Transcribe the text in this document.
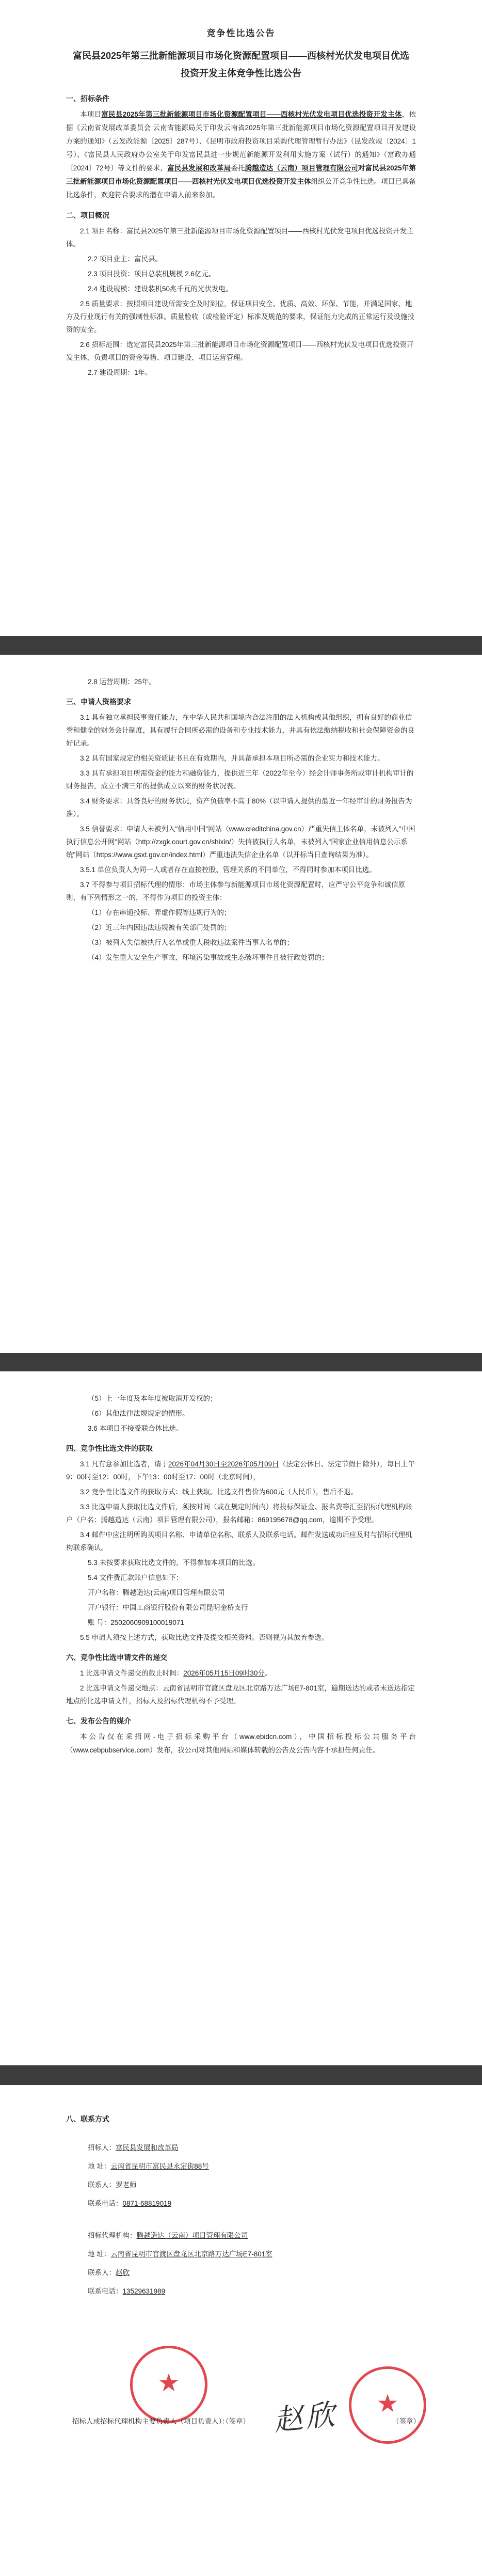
竞争性比选公告
富民县2025年第三批新能源项目市场化资源配置项目——西核村光伏发电项目优选投资开发主体竞争性比选公告
一、招标条件
本项目富民县2025年第三批新能源项目市场化资源配置项目——西核村光伏发电项目优选投资开发主体，依据《云南省发展改革委员会 云南省能源局关于印发云南省2025年第三批新能源项目市场化资源配置项目开发建设方案的通知》（云发改能源〔2025〕287号）、《昆明市政府投资项目采购代理管理暂行办法》（昆发改规〔2024〕1号）、《富民县人民政府办公室关于印发富民县进一步规范新能源开发利用实施方案（试行）的通知》（富政办通〔2024〕72号）等文件的要求，富民县发展和改革局委托腾越造达（云南）项目管理有限公司对富民县2025年第三批新能源项目市场化资源配置项目——西核村光伏发电项目优选投资开发主体组织公开竞争性比选。项目已具备比选条件，欢迎符合要求的潜在申请人前来参加。
二、项目概况
2.1 项目名称：富民县2025年第三批新能源项目市场化资源配置项目——西核村光伏发电项目优选投资开发主体。
2.2 项目业主：富民县。
2.3 项目投资：项目总装机规模 2.6亿元。
2.4 建设规模：建设装机50兆千瓦的光伏发电。
2.5 质量要求：按照项目建设所需安全及时到位，保证项目安全、优质、高效、环保、节能，并满足国家、地方及行业现行有关的强制性标准。质量验收（或检验评定）标准及规范的要求，保证能力完成的正常运行及设施投资的安全。
2.6 招标范围：选定富民县2025年第三批新能源项目市场化资源配置项目——西核村光伏发电项目优选投资开发主体，负责项目的资金筹措、项目建设、项目运营管理。
2.7 建设周期：1年。
2.8 运营周期：25年。
三、申请人资格要求
3.1 具有独立承担民事责任能力，在中华人民共和国境内合法注册的法人机构或其他组织，拥有良好的商业信誉和健全的财务会计制度，具有履行合同所必需的设备和专业技术能力，并具有依法缴纳税收和社会保障资金的良好记录。
3.2 具有国家规定的相关资质证书且在有效期内，并具备承担本项目所必需的企业实力和技术能力。
3.3 具有承担项目所需资金的能力和融资能力，提供近三年（2022年至今）经会计师事务所或审计机构审计的财务报告，成立不满三年的提供成立以来的财务状况表。
3.4 财务要求：具备良好的财务状况，资产负债率不高于80%（以申请人提供的最近一年经审计的财务报告为准）。
3.5 信誉要求：申请人未被列入"信用中国"网站（www.creditchina.gov.cn）严重失信主体名单，未被列入"中国执行信息公开网"网站（http://zxgk.court.gov.cn/shixin/）失信被执行人名单，未被列入"国家企业信用信息公示系统"网站（https://www.gsxt.gov.cn/index.html）严重违法失信企业名单（以开标当日查询结果为准）。
3.5.1 单位负责人为同一人或者存在直接控股、管理关系的不同单位，不得同时参加本项目比选。
3.7 不得参与项目招标代理的情形：市场主体参与新能源项目市场化资源配置时，应严守公平竞争和诚信原则，有下列情形之一的，不得作为项目的投资主体：
（1）存在串通投标、弄虚作假等违规行为的；
（2）近三年内因违法违规被有关部门处罚的；
（3）被列入失信被执行人名单或重大税收违法案件当事人名单的；
（4）发生重大安全生产事故、环境污染事故或生态破坏事件且被行政处罚的；
（5）上一年度及本年度被取消开发权的；
（6）其他法律法规规定的情形。
3.6 本项目不接受联合体比选。
四、竞争性比选文件的获取
3.1 凡有意参加比选者，请于2026年04月30日至2026年05月09日（法定公休日、法定节假日除外），每日上午9：00时至12：00时，下午13：00时至17：00时（北京时间），
3.2 竞争性比选文件的获取方式：线上获取。比选文件售价为600元（人民币），售后不退。
3.3 比选申请人获取比选文件后，须按时间（或在规定时间内）将投标保证金、报名费等汇至招标代理机构账户（户名：腾越造达（云南）项目管理有限公司），报名邮箱：869195678@qq.com，逾期不予受理。
3.4 邮件中应注明所购买项目名称、申请单位名称、联系人及联系电话。邮件发送成功后应及时与招标代理机构联系确认。
5.3 未按要求获取比选文件的，不得参加本项目的比选。
5.4 文件费汇款账户信息如下：
开户名称：腾越造达(云南)项目管理有限公司
开户银行：中国工商银行股份有限公司昆明金桥支行
账 号：2502060909100019071
5.5 申请人须按上述方式，获取比选文件及提交相关资料。否则视为其放弃参选。
六、竞争性比选申请文件的递交
1 比选申请文件递交的截止时间：2026年05月15日09时30分。
2 比选申请文件递交地点：云南省昆明市官渡区盘龙区北京路万达广场E7-801室，逾期送达的或者未送达指定地点的比选申请文件，招标人及招标代理机构不予受理。
七、发布公告的媒介
本公告仅在采招网-电子招标采购平台（www.ebidcn.com），中国招标投标公共服务平台（www.cebpubservice.com）发布，我公司对其他网站和媒体转载的公告及公告内容不承担任何责任。
八、联系方式
招标人：富民县发展和改革局
地 址：云南省昆明市富民县永定街88号
联系人：罗老师
联系电话：0871-68819019
招标代理机构：腾越造达（云南）项目管理有限公司
地 址：云南省昆明市官渡区盘龙区北京路万达广场E7-801室
联系人：赵欣
联系电话：13529631989
★
★
赵欣
招标人或招标代理机构主要负责人（项目负责人）：
（签章）	（签章）
